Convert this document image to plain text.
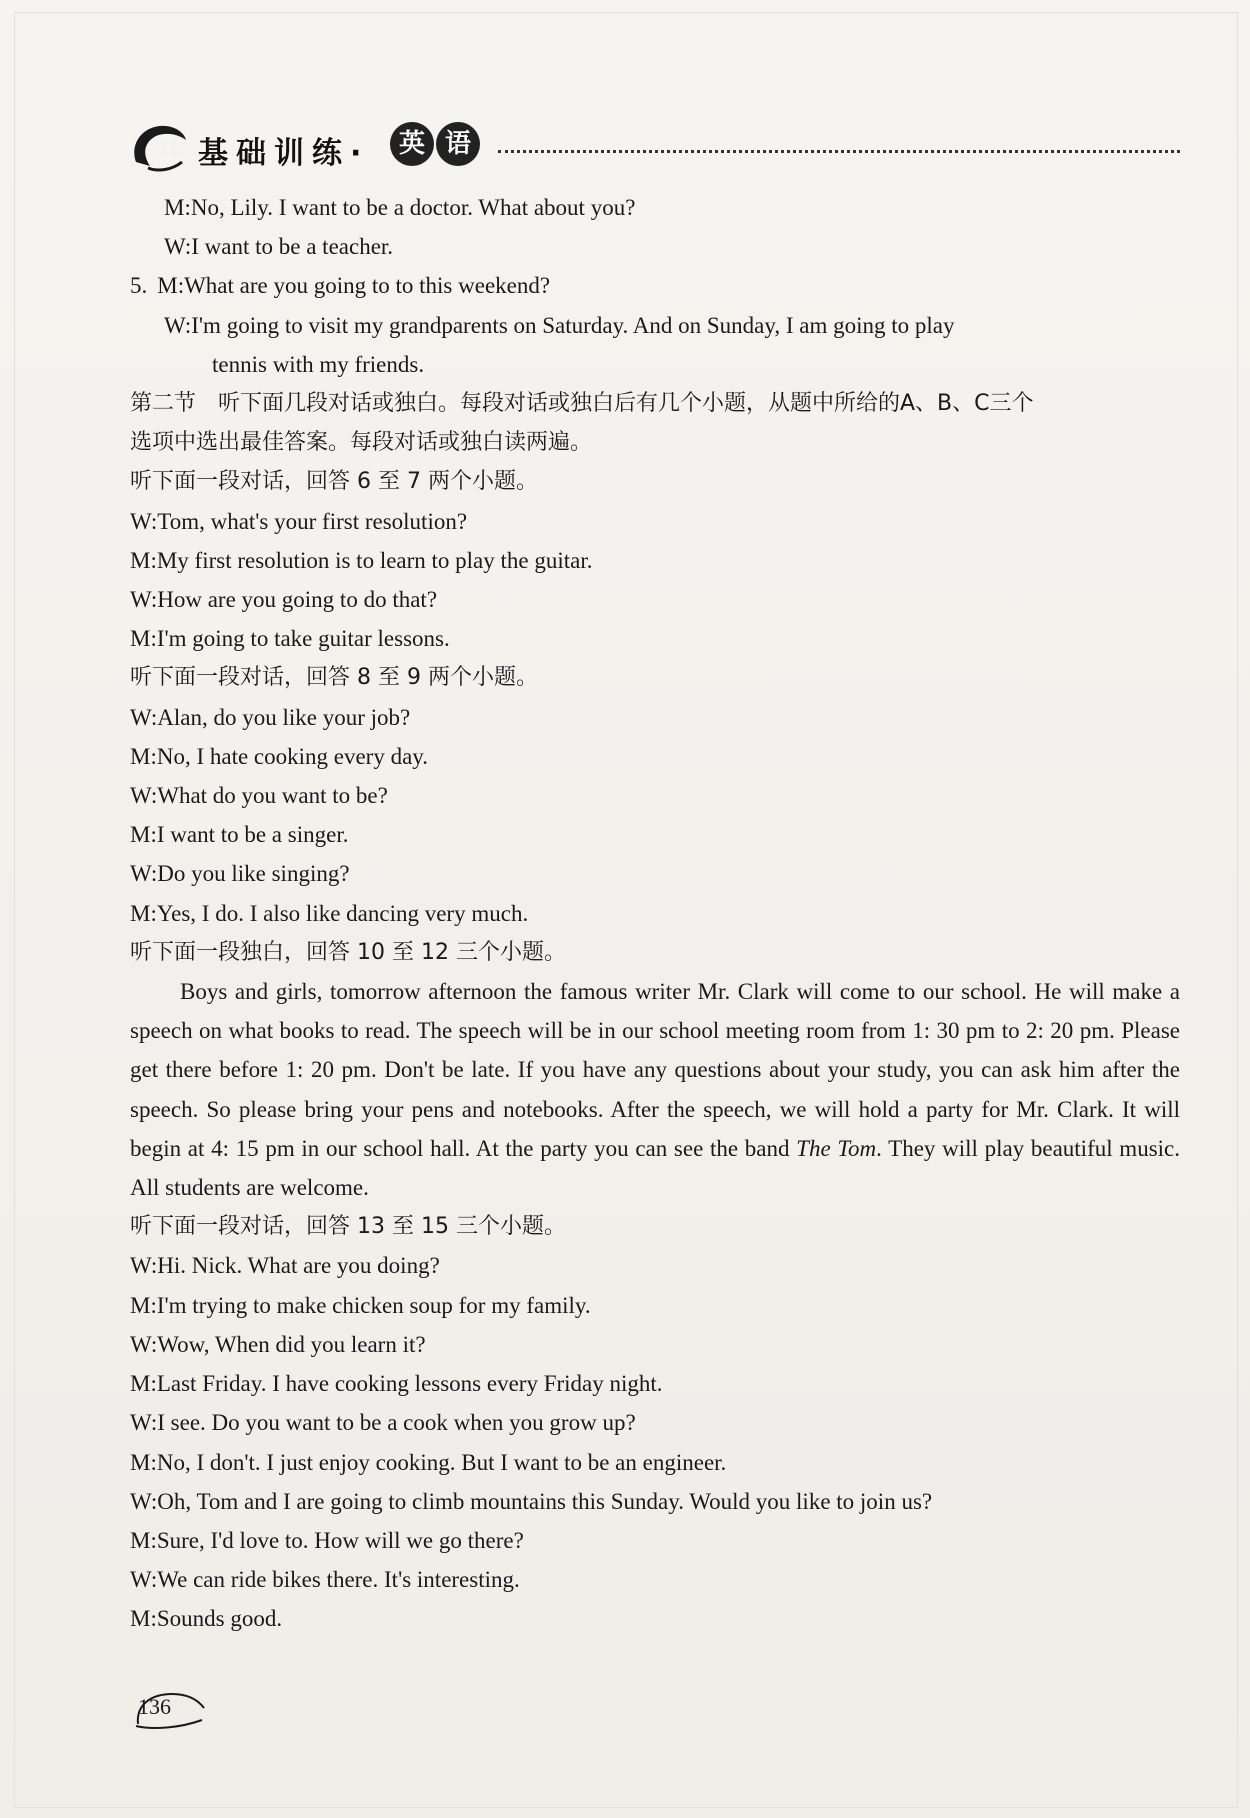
3L 基础训练·	英 语
M:No, Lily. I want to be a doctor. What about you?
W:I want to be a teacher.
5. M:What are you going to to this weekend?
W:I'm going to visit my grandparents on Saturday. And on Sunday, I am going to play
tennis with my friends.
第二节　听下面几段对话或独白。每段对话或独白后有几个小题，从题中所给的A、B、C三个
选项中选出最佳答案。每段对话或独白读两遍。
听下面一段对话，回答 6 至 7 两个小题。
W:Tom, what's your first resolution?
M:My first resolution is to learn to play the guitar.
W:How are you going to do that?
M:I'm going to take guitar lessons.
听下面一段对话，回答 8 至 9 两个小题。
W:Alan, do you like your job?
M:No, I hate cooking every day.
W:What do you want to be?
M:I want to be a singer.
W:Do you like singing?
M:Yes, I do. I also like dancing very much.
听下面一段独白，回答 10 至 12 三个小题。
Boys and girls, tomorrow afternoon the famous writer Mr. Clark will come to our school. He will make a speech on what books to read. The speech will be in our school meeting room from 1: 30 pm to 2: 20 pm. Please get there before 1: 20 pm. Don't be late. If you have any questions about your study, you can ask him after the speech. So please bring your pens and notebooks. After the speech, we will hold a party for Mr. Clark. It will begin at 4: 15 pm in our school hall. At the party you can see the band The Tom. They will play beautiful music. All students are welcome.
听下面一段对话，回答 13 至 15 三个小题。
W:Hi. Nick. What are you doing?
M:I'm trying to make chicken soup for my family.
W:Wow, When did you learn it?
M:Last Friday. I have cooking lessons every Friday night.
W:I see. Do you want to be a cook when you grow up?
M:No, I don't. I just enjoy cooking. But I want to be an engineer.
W:Oh, Tom and I are going to climb mountains this Sunday. Would you like to join us?
M:Sure, I'd love to. How will we go there?
W:We can ride bikes there. It's interesting.
M:Sounds good.
136
